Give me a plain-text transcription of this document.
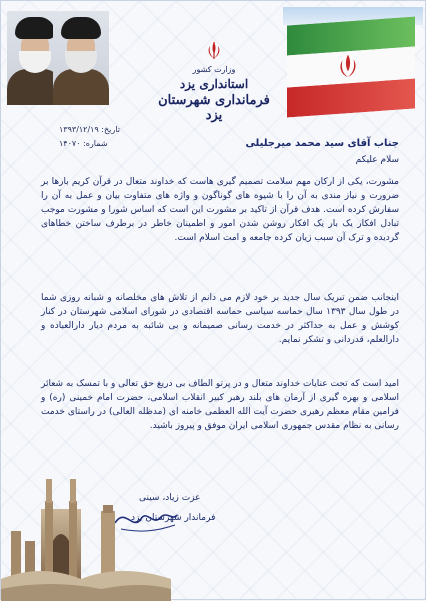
وزارت کشور
استانداری یزد
فرمانداری شهرستان یزد
تاریخ: ۱۳۹۳/۱۲/۱۹
شماره: ۱۴۰۷۰	جناب آقای سید محمد میرجلیلی
سلام علیکم
مشورت، یکی از ارکان مهم سلامت تصمیم گیری هاست که خداوند متعال در قرآن کریم بارها بر ضرورت و نیاز مندی به آن را با شیوه های گوناگون و واژه های متفاوت بیان و عمل به آن را سفارش کرده است. هدف قرآن از تاکید بر مشورت این است که اساس شورا و مشورت موجب تبادل افکار یک بار یک افکار روشن شدن امور و اطمینان خاطر در برطرف ساختن خطاهای گردیده و ترک آن سبب زیان کرده جامعه و امت اسلام است.
اینجانب ضمن تبریک سال جدید بر خود لازم می دانم از تلاش های مخلصانه و شبانه روزی شما در طول سال ۱۳۹۳ سال حماسه سیاسی حماسه اقتصادی در شورای اسلامی شهرستان در کنار کوشش و عمل به حداکثر در خدمت رسانی صمیمانه و بی شائبه به مردم دیار دارالعباده و دارالعلم، قدردانی و تشکر نمایم.
امید است که تحت عنایات خداوند متعال و در پرتو الطاف بی دریغ حق تعالی و با تمسک به شعائر اسلامی و بهره گیری از آرمان های بلند رهبر کبیر انقلاب اسلامی، حضرت امام خمینی (ره) و فرامین مقام معظم رهبری حضرت آیت الله العظمی خامنه ای (مدظله العالی) در راستای خدمت رسانی به نظام مقدس جمهوری اسلامی ایران موفق و پیروز باشید.
عزت زیاد، سینی
فرماندار شهرستان یزد
